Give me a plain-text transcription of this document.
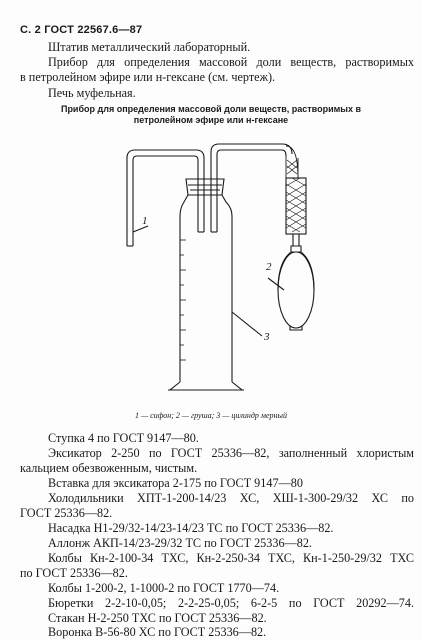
С. 2 ГОСТ 22567.6—87
Штатив металлический лабораторный.
Прибор для определения массовой доли веществ, растворимых
в петролейном эфире или н-гексане (см. чертеж).
Печь муфельная.
Прибор для определения массовой доли веществ, растворимых в
петролейном эфире или н-гексане
1
2
3
1 — сифон; 2 — груша; 3 — цилиндр мерный
Ступка 4 по ГОСТ 9147—80.
Эксикатор 2-250 по ГОСТ 25336—82, заполненный хлористым
кальцием обезвоженным, чистым.
Вставка для эксикатора 2-175 по ГОСТ 9147—80
Холодильники ХПТ-1-200-14/23 ХС, ХШ-1-300-29/32 ХС по
ГОСТ 25336—82.
Насадка Н1-29/32-14/23-14/23 ТС по ГОСТ 25336—82.
Аллонж АКП-14/23-29/32 ТС по ГОСТ 25336—82.
Колбы Кн-2-100-34 ТХС, Кн-2-250-34 ТХС, Кн-1-250-29/32 ТХС
по ГОСТ 25336—82.
Колбы 1-200-2, 1-1000-2 по ГОСТ 1770—74.
Бюретки 2-2-10-0,05; 2-2-25-0,05; 6-2-5 по ГОСТ 20292—74.
Стакан Н-2-250 ТХС по ГОСТ 25336—82.
Воронка В-56-80 ХС по ГОСТ 25336—82.
